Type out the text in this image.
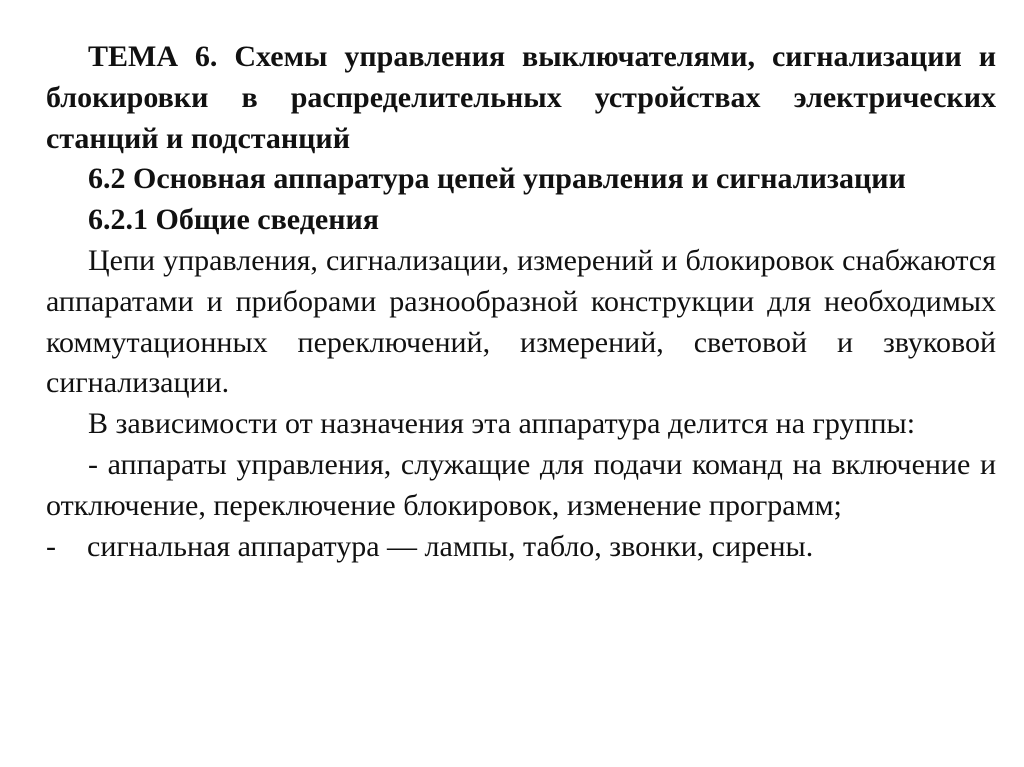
ТЕМА 6. Схемы управления выключателями, сигнализации и блокировки в распределительных устройствах электрических станций и подстанций

6.2 Основная аппаратура цепей управления и сигнализации

6.2.1 Общие сведения

Цепи управления, сигнализации, измерений и блокировок снабжаются аппаратами и приборами разнообразной конструкции для необходимых коммутационных переключений, измерений, световой и звуковой сигнализации.

В зависимости от назначения эта аппаратура делится на группы:

- аппараты управления, служащие для подачи команд на включение и отключение, переключение блокировок, изменение программ;

- сигнальная аппаратура — лампы, табло, звонки, сирены.
